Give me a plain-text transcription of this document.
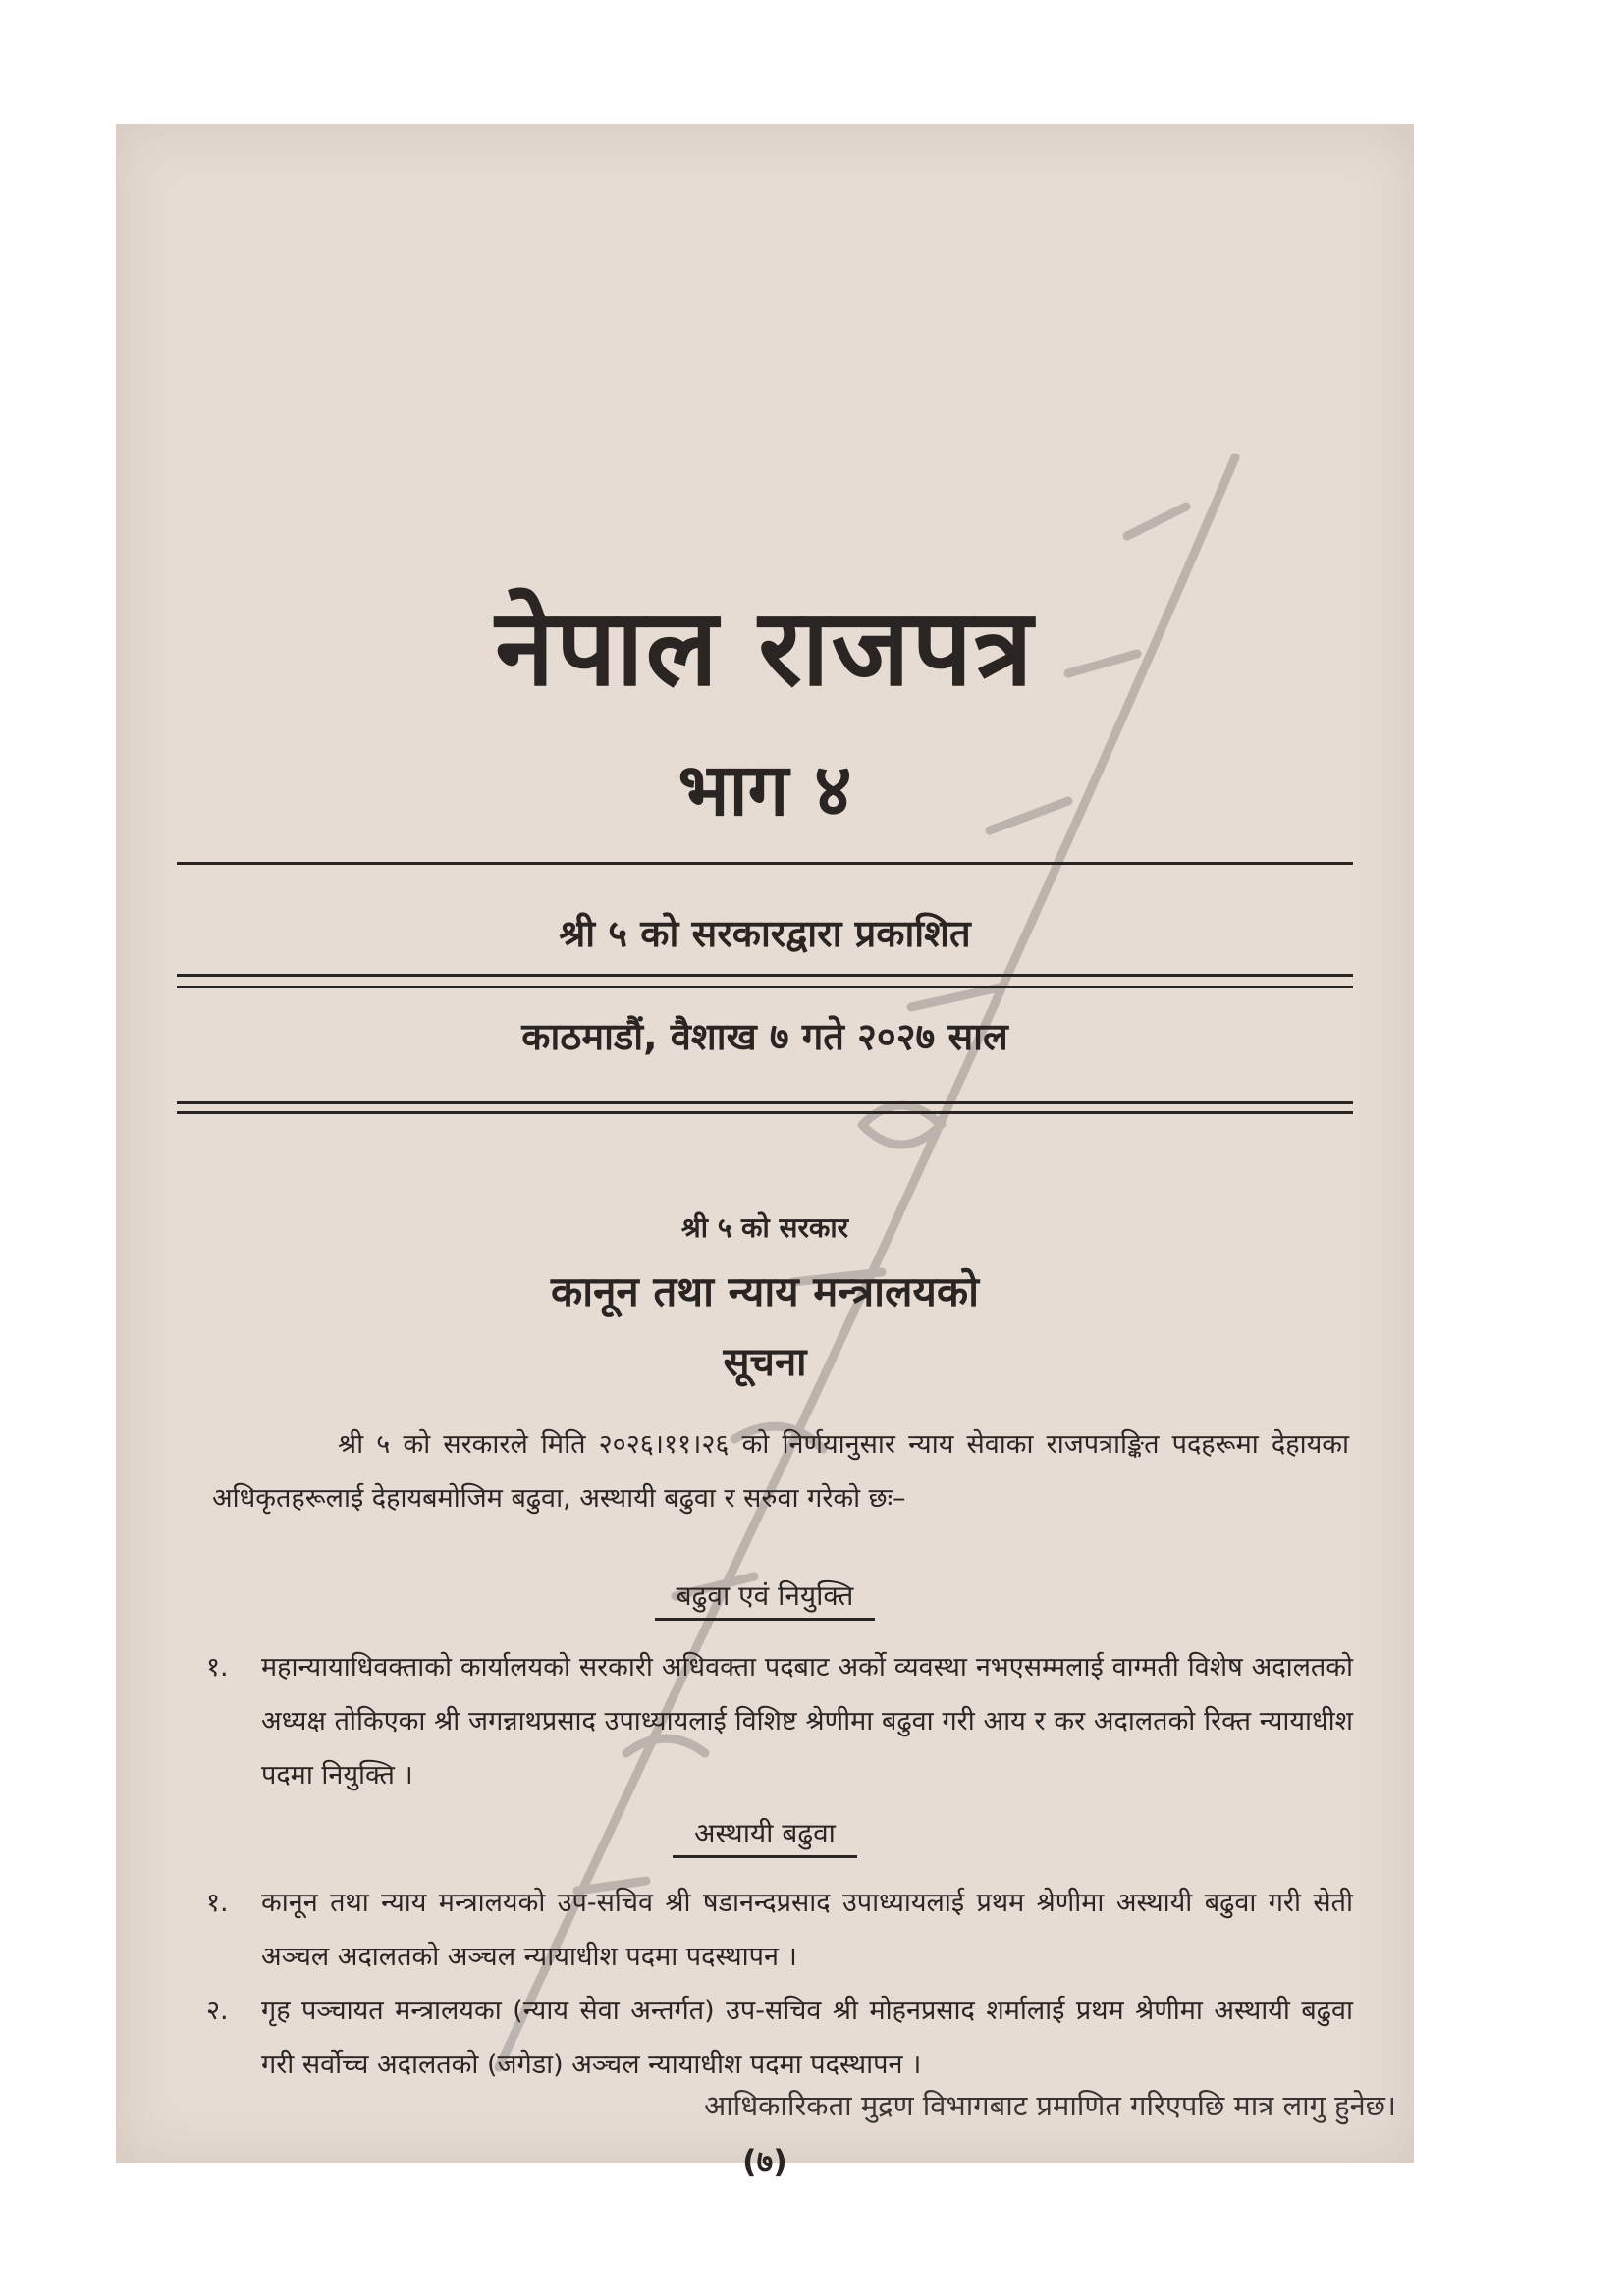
नेपाल राजपत्र
भाग ४
श्री ५ को सरकारद्वारा प्रकाशित
काठमाडौं, वैशाख ७ गते २०२७ साल
श्री ५ को सरकार
कानून तथा न्याय मन्त्रालयको
सूचना
श्री ५ को सरकारले मिति २०२६।११।२६ को निर्णयानुसार न्याय सेवाका राजपत्राङ्कित पदहरूमा देहायका अधिकृतहरूलाई देहायबमोजिम बढुवा, अस्थायी बढुवा र सरुवा गरेको छः–
बढुवा एवं नियुक्ति
१.	महान्यायाधिवक्ताको कार्यालयको सरकारी अधिवक्ता पदबाट अर्को व्यवस्था नभएसम्मलाई वाग्मती विशेष अदालतको अध्यक्ष तोकिएका श्री जगन्नाथप्रसाद उपाध्यायलाई विशिष्ट श्रेणीमा बढुवा गरी आय र कर अदालतको रिक्त न्यायाधीश पदमा नियुक्ति ।
अस्थायी बढुवा
१.	कानून तथा न्याय मन्त्रालयको उप-सचिव श्री षडानन्दप्रसाद उपाध्यायलाई प्रथम श्रेणीमा अस्थायी बढुवा गरी सेती अञ्चल अदालतको अञ्चल न्यायाधीश पदमा पदस्थापन ।
२.	गृह पञ्चायत मन्त्रालयका (न्याय सेवा अन्तर्गत) उप-सचिव श्री मोहनप्रसाद शर्मालाई प्रथम श्रेणीमा अस्थायी बढुवा गरी सर्वोच्च अदालतको (जगेडा) अञ्चल न्यायाधीश पदमा पदस्थापन ।
(७)
आधिकारिकता मुद्रण विभागबाट प्रमाणित गरिएपछि मात्र लागु हुनेछ।
